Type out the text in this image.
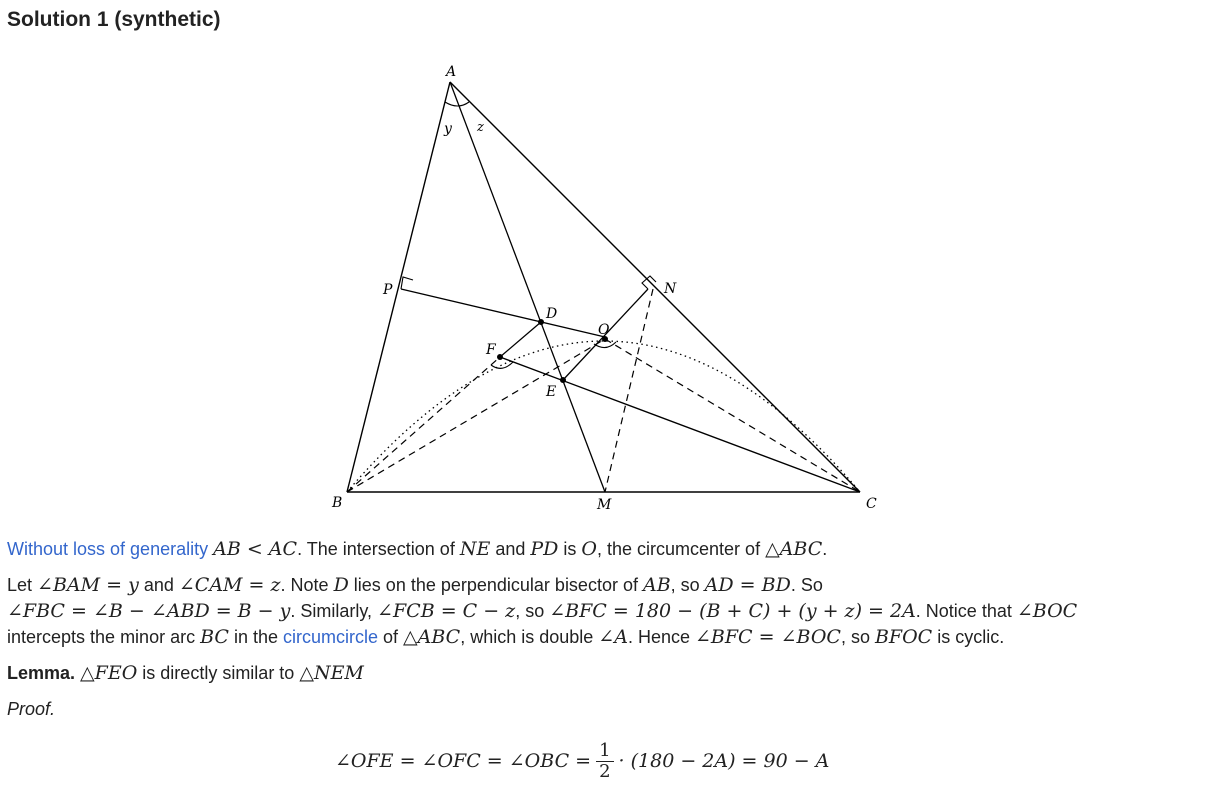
Solution 1 (synthetic)
A
B	C
M
N
P
D
O
F
E
y z

Without loss of generality AB < AC. The intersection of NE and PD is O, the circumcenter of △ABC.

Let ∠BAM = y and ∠CAM = z. Note D lies on the perpendicular bisector of AB, so AD = BD. So

∠FBC = ∠B − ∠ABD = B − y. Similarly, ∠FCB = C − z, so ∠BFC = 180 − (B + C) + (y + z) = 2A. Notice that ∠BOC

intercepts the minor arc BC in the circumcircle of △ABC, which is double ∠A. Hence ∠BFC = ∠BOC, so BFOC is cyclic.

Lemma. △FEO is directly similar to △NEM

Proof.

∠OFE = ∠OFC = ∠OBC = $\frac{1}{2} \cdot (180 - 2A) = 90 - A$
